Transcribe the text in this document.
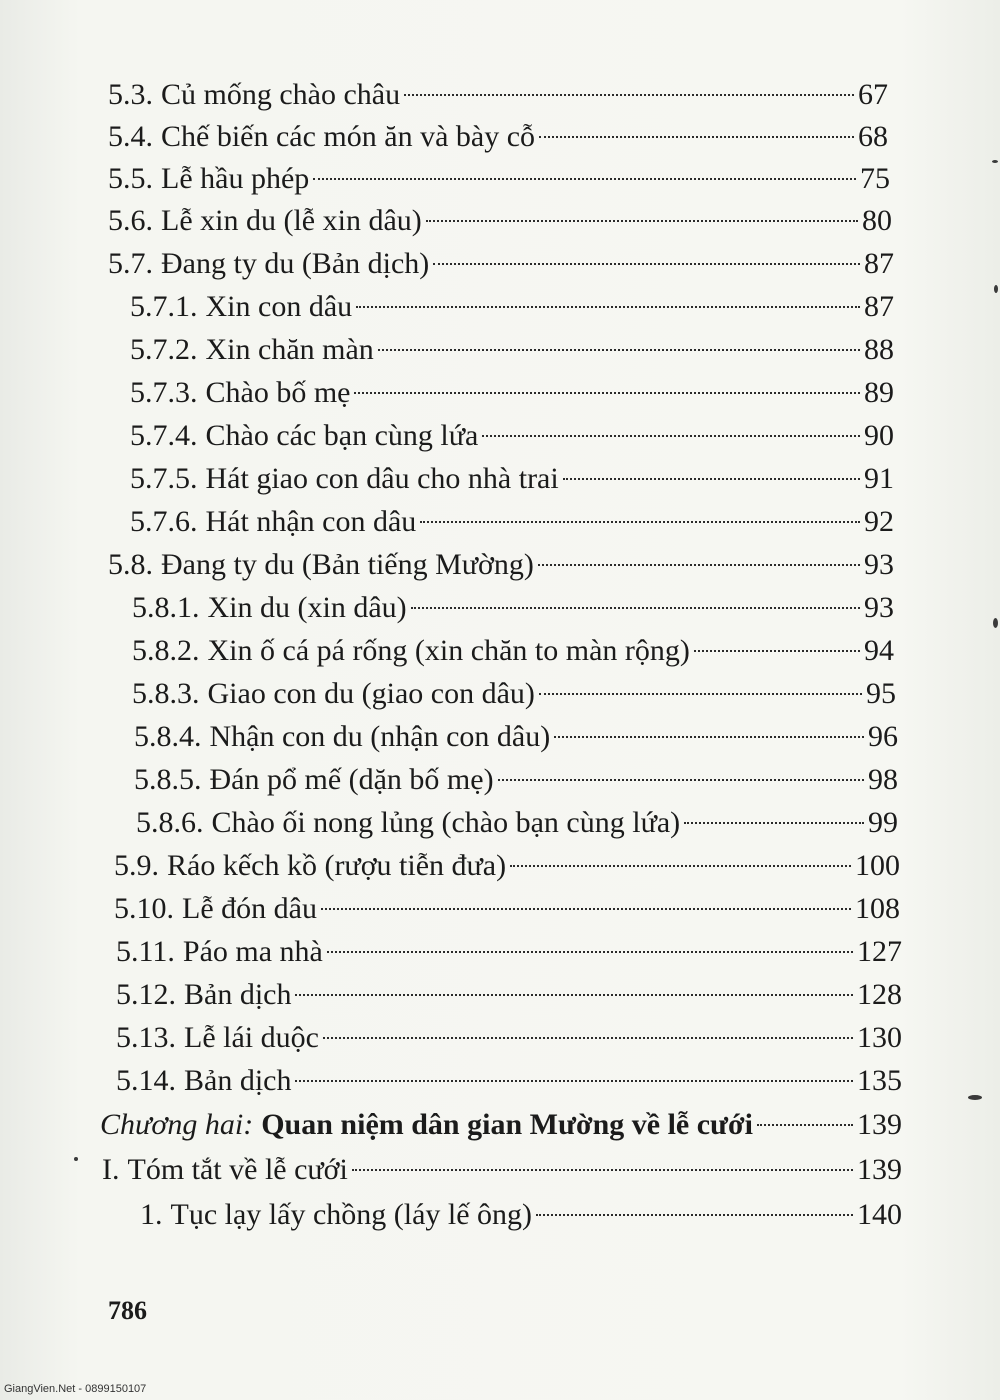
5.3. Củ mống chào châu	67
5.4. Chế biến các món ăn và bày cỗ	68
5.5. Lễ hầu phép	75
5.6. Lễ xin du (lễ xin dâu)	80
5.7. Đang ty du (Bản dịch)	87
5.7.1. Xin con dâu	87
5.7.2. Xin chăn màn	88
5.7.3. Chào bố mẹ	89
5.7.4. Chào các bạn cùng lứa	90
5.7.5. Hát giao con dâu cho nhà trai	91
5.7.6. Hát nhận con dâu	92
5.8. Đang ty du (Bản tiếng Mường)	93
5.8.1. Xin du (xin dâu)	93
5.8.2. Xin ố cá pá rống (xin chăn to màn rộng)	94
5.8.3. Giao con du (giao con dâu)	95
5.8.4. Nhận con du (nhận con dâu)	96
5.8.5. Đán pổ mế (dặn bố mẹ)	98
5.8.6. Chào ối nong lủng (chào bạn cùng lứa)	99
5.9. Ráo kếch kồ (rượu tiễn đưa)	100
5.10. Lễ đón dâu	108
5.11. Páo ma nhà	127
5.12. Bản dịch	128
5.13. Lễ lái duộc	130
5.14. Bản dịch	135
Chương hai: Quan niệm dân gian Mường về lễ cưới	139
I. Tóm tắt về lễ cưới	139
1. Tục lạy lấy chồng (láy lế ông)	140
786
GiangVien.Net - 0899150107
